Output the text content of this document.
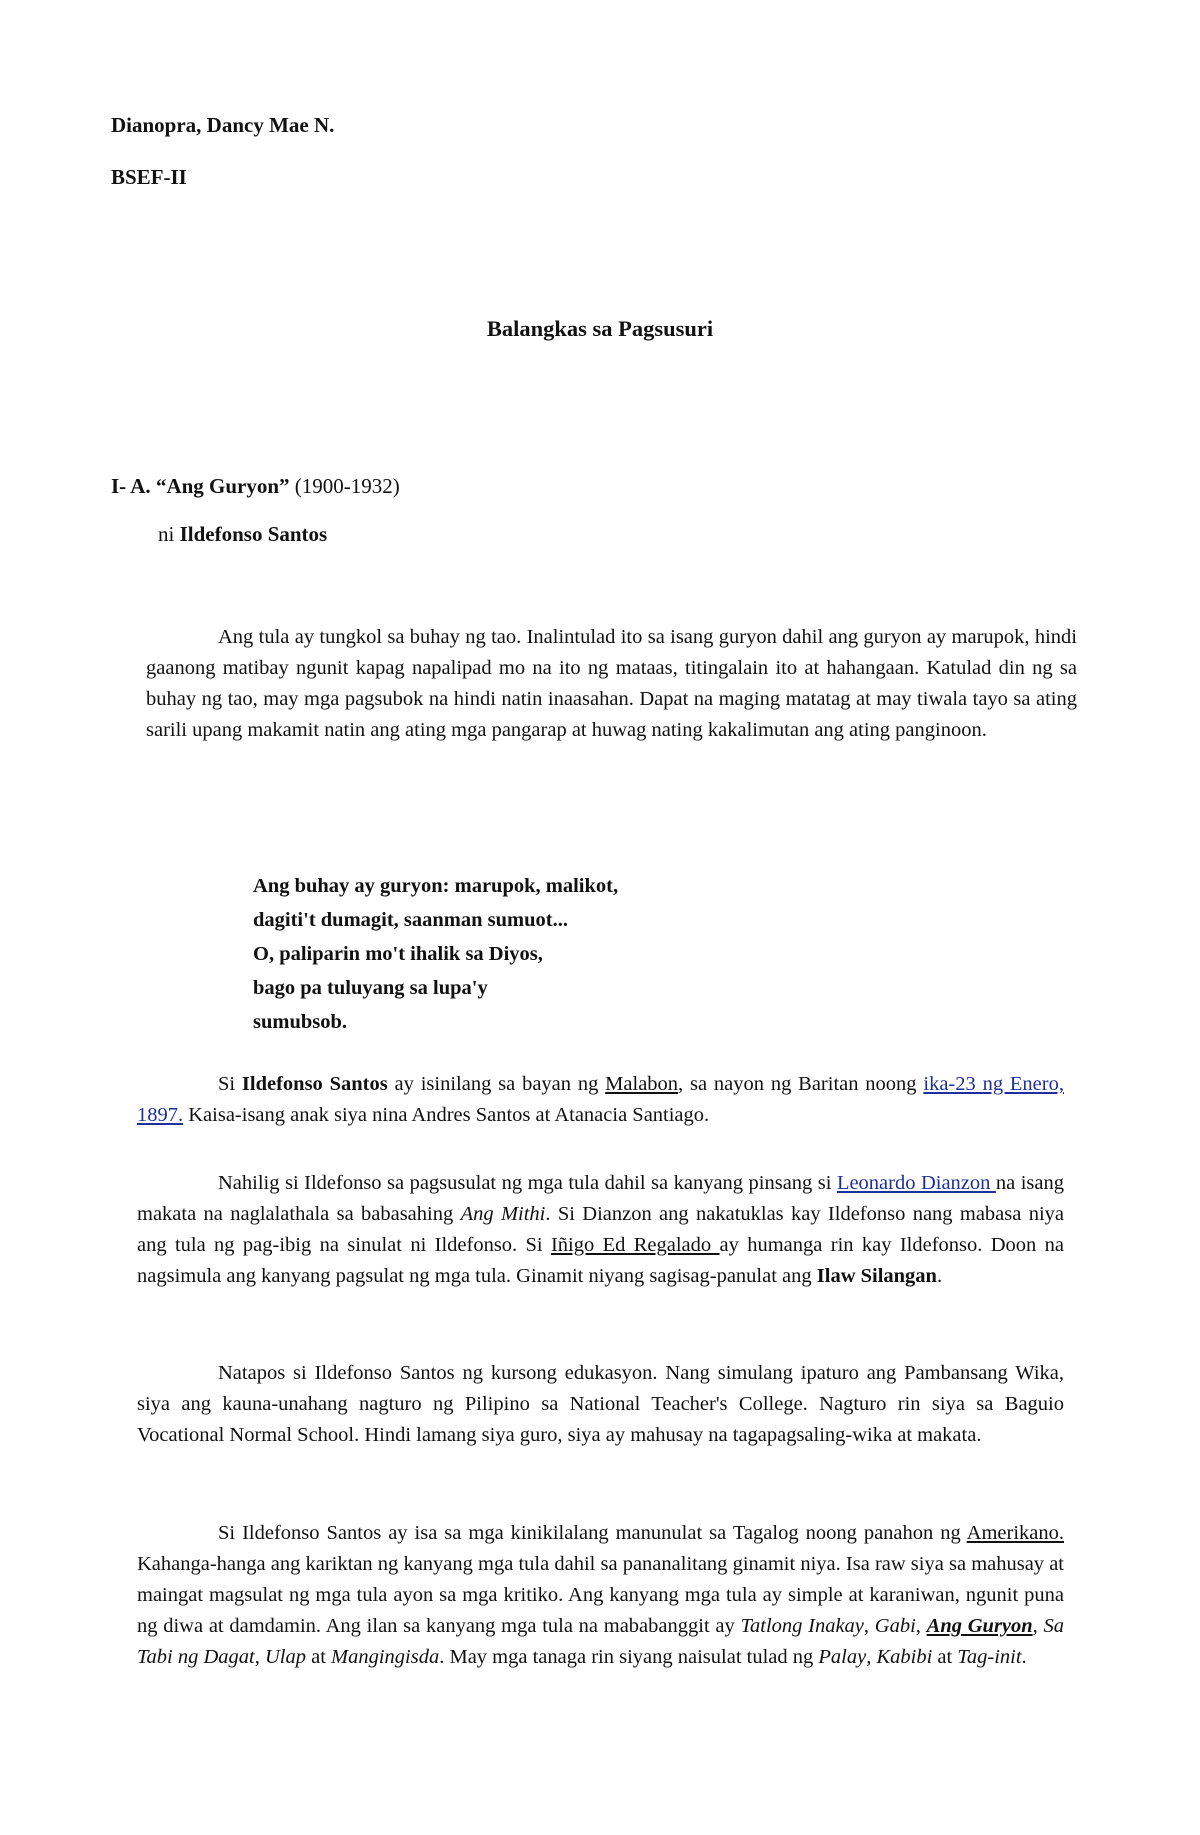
Dianopra, Dancy Mae N.

BSEF-II

Balangkas sa Pagsusuri

I- A. “Ang Guryon” (1900-1932)

ni Ildefonso Santos

Ang tula ay tungkol sa buhay ng tao. Inalintulad ito sa isang guryon dahil ang guryon ay marupok, hindi gaanong matibay ngunit kapag napalipad mo na ito ng mataas, titingalain ito at hahangaan. Katulad din ng sa buhay ng tao, may mga pagsubok na hindi natin inaasahan. Dapat na maging matatag at may tiwala tayo sa ating sarili upang makamit natin ang ating mga pangarap at huwag nating kakalimutan ang ating panginoon.

Ang buhay ay guryon: marupok, malikot,
dagiti't dumagit, saanman sumuot...
O, paliparin mo't ihalik sa Diyos,
bago pa tuluyang sa lupa'y
sumubsob.

Si Ildefonso Santos ay isinilang sa bayan ng Malabon, sa nayon ng Baritan noong ika-23 ng Enero, 1897. Kaisa-isang anak siya nina Andres Santos at Atanacia Santiago.

Nahilig si Ildefonso sa pagsusulat ng mga tula dahil sa kanyang pinsang si Leonardo Dianzon na isang makata na naglalathala sa babasahing Ang Mithi. Si Dianzon ang nakatuklas kay Ildefonso nang mabasa niya ang tula ng pag-ibig na sinulat ni Ildefonso. Si Iñigo Ed Regalado ay humanga rin kay Ildefonso. Doon na nagsimula ang kanyang pagsulat ng mga tula. Ginamit niyang sagisag-panulat ang Ilaw Silangan.

Natapos si Ildefonso Santos ng kursong edukasyon. Nang simulang ipaturo ang Pambansang Wika, siya ang kauna-unahang nagturo ng Pilipino sa National Teacher's College. Nagturo rin siya sa Baguio Vocational Normal School. Hindi lamang siya guro, siya ay mahusay na tagapagsaling-wika at makata.

Si Ildefonso Santos ay isa sa mga kinikilalang manunulat sa Tagalog noong panahon ng Amerikano. Kahanga-hanga ang kariktan ng kanyang mga tula dahil sa pananalitang ginamit niya. Isa raw siya sa mahusay at maingat magsulat ng mga tula ayon sa mga kritiko. Ang kanyang mga tula ay simple at karaniwan, ngunit puna ng diwa at damdamin. Ang ilan sa kanyang mga tula na mababanggit ay Tatlong Inakay, Gabi, Ang Guryon, Sa Tabi ng Dagat, Ulap at Mangingisda. May mga tanaga rin siyang naisulat tulad ng Palay, Kabibi at Tag-init.
